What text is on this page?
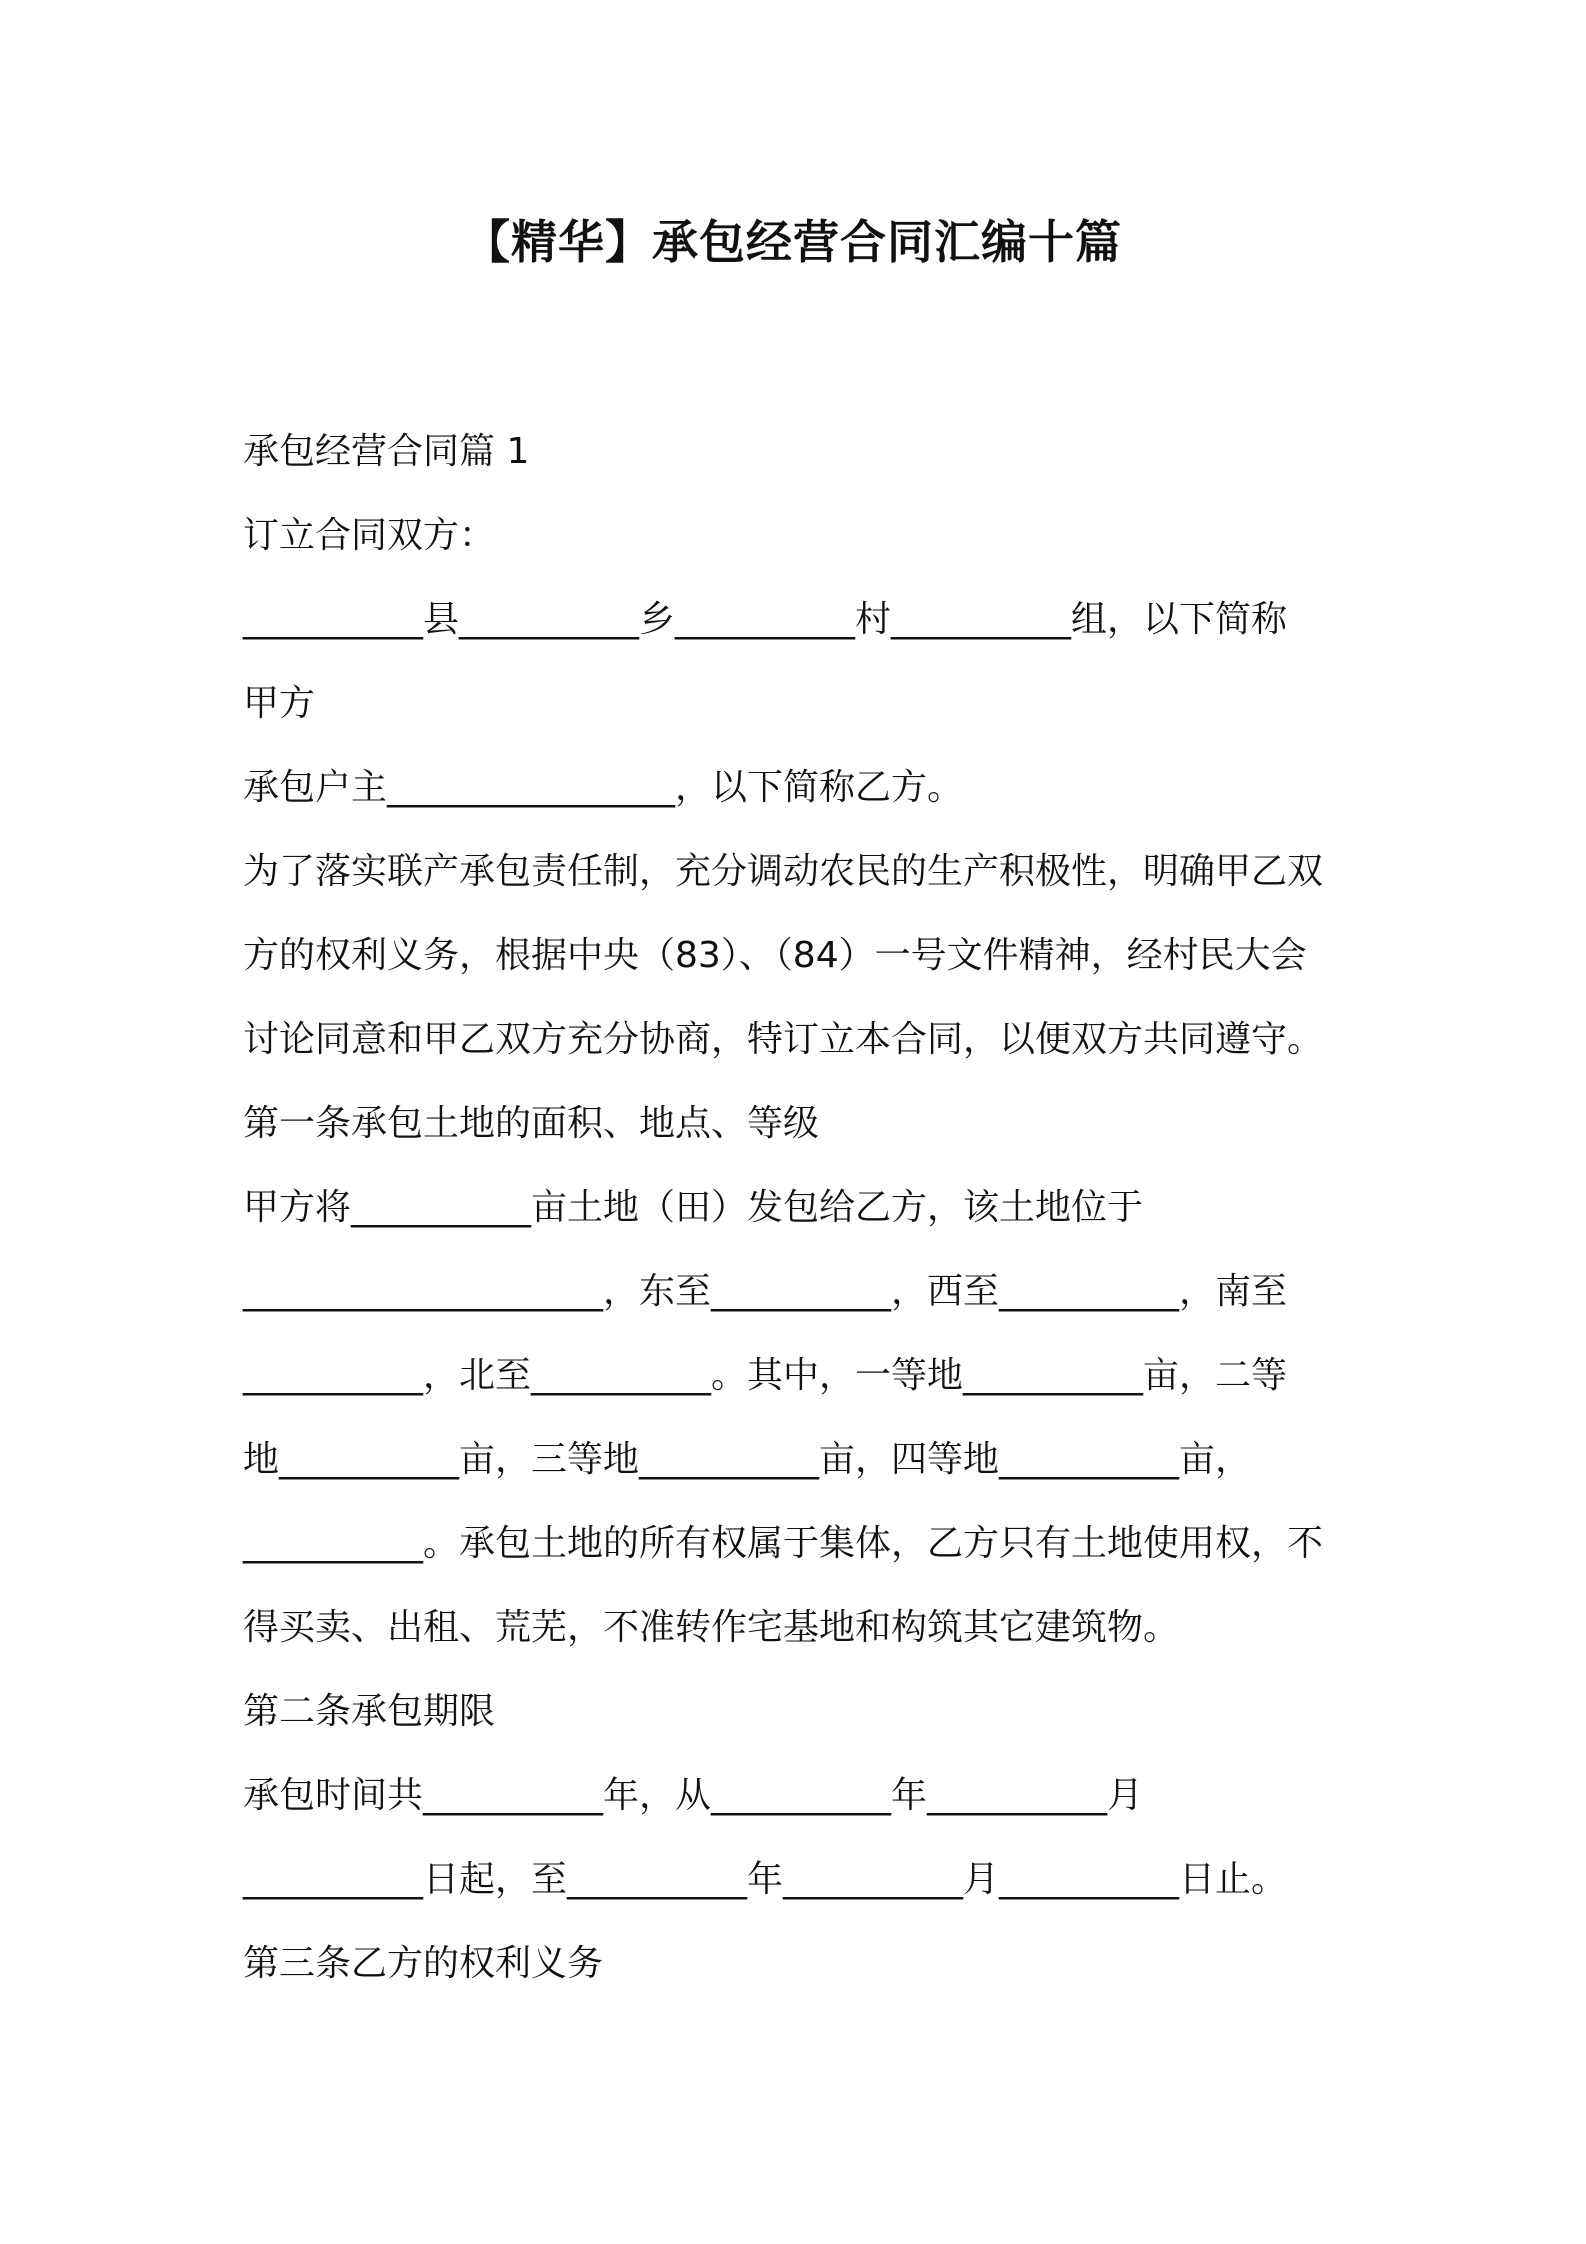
【精华】承包经营合同汇编十篇

承包经营合同篇 1

订立合同双方：

__________县__________乡__________村__________组，以下简称

甲方

承包户主________________，以下简称乙方。

为了落实联产承包责任制，充分调动农民的生产积极性，明确甲乙双

方的权利义务，根据中央（83）、（84）一号文件精神，经村民大会

讨论同意和甲乙双方充分协商，特订立本合同，以便双方共同遵守。

第一条承包土地的面积、地点、等级

甲方将__________亩土地（田）发包给乙方，该土地位于

____________________，东至__________，西至__________，南至

__________，北至__________。其中，一等地__________亩，二等

地__________亩，三等地__________亩，四等地__________亩，

__________。承包土地的所有权属于集体，乙方只有土地使用权，不

得买卖、出租、荒芜，不准转作宅基地和构筑其它建筑物。

第二条承包期限

承包时间共__________年，从__________年__________月

__________日起，至__________年__________月__________日止。

第三条乙方的权利义务
